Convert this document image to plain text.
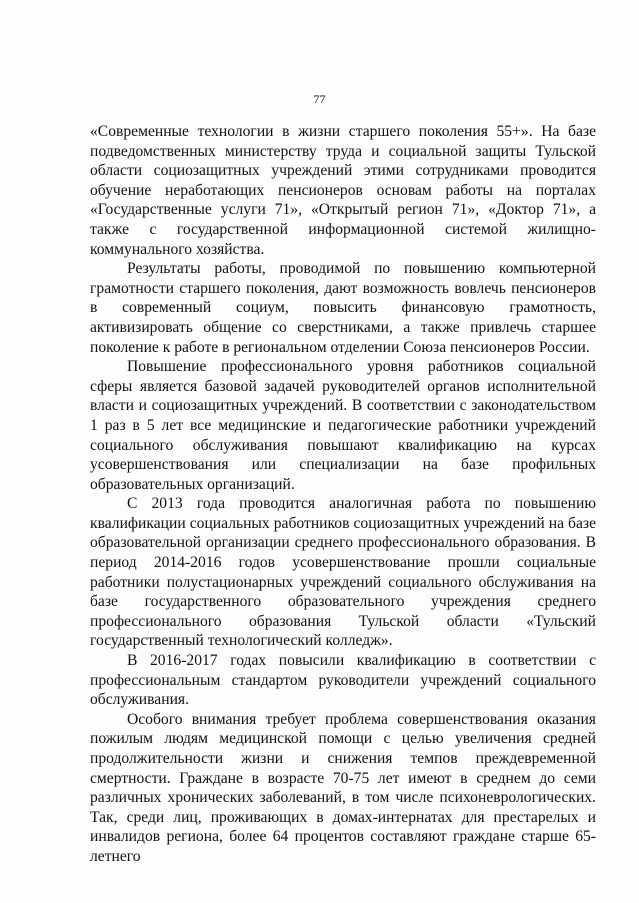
77

«Современные технологии в жизни старшего поколения 55+». На базе подведомственных министерству труда и социальной защиты Тульской области социозащитных учреждений этими сотрудниками проводится обучение неработающих пенсионеров основам работы на порталах «Государственные услуги 71», «Открытый регион 71», «Доктор 71», а также с государственной информационной системой жилищно-коммунального хозяйства.

Результаты работы, проводимой по повышению компьютерной грамотности старшего поколения, дают возможность вовлечь пенсионеров в современный социум, повысить финансовую грамотность, активизировать общение со сверстниками, а также привлечь старшее поколение к работе в региональном отделении Союза пенсионеров России.

Повышение профессионального уровня работников социальной сферы является базовой задачей руководителей органов исполнительной власти и социозащитных учреждений. В соответствии с законодательством 1 раз в 5 лет все медицинские и педагогические работники учреждений социального обслуживания повышают квалификацию на курсах усовершенствования или специализации на базе профильных образовательных организаций.

С 2013 года проводится аналогичная работа по повышению квалификации социальных работников социозащитных учреждений на базе образовательной организации среднего профессионального образования. В период 2014-2016 годов усовершенствование прошли социальные работники полустационарных учреждений социального обслуживания на базе государственного образовательного учреждения среднего профессионального образования Тульской области «Тульский государственный технологический колледж».

В 2016-2017 годах повысили квалификацию в соответствии с профессиональным стандартом руководители учреждений социального обслуживания.

Особого внимания требует проблема совершенствования оказания пожилым людям медицинской помощи с целью увеличения средней продолжительности жизни и снижения темпов преждевременной смертности. Граждане в возрасте 70-75 лет имеют в среднем до семи различных хронических заболеваний, в том числе психоневрологических. Так, среди лиц, проживающих в домах-интернатах для престарелых и инвалидов региона, более 64 процентов составляют граждане старше 65-летнего
